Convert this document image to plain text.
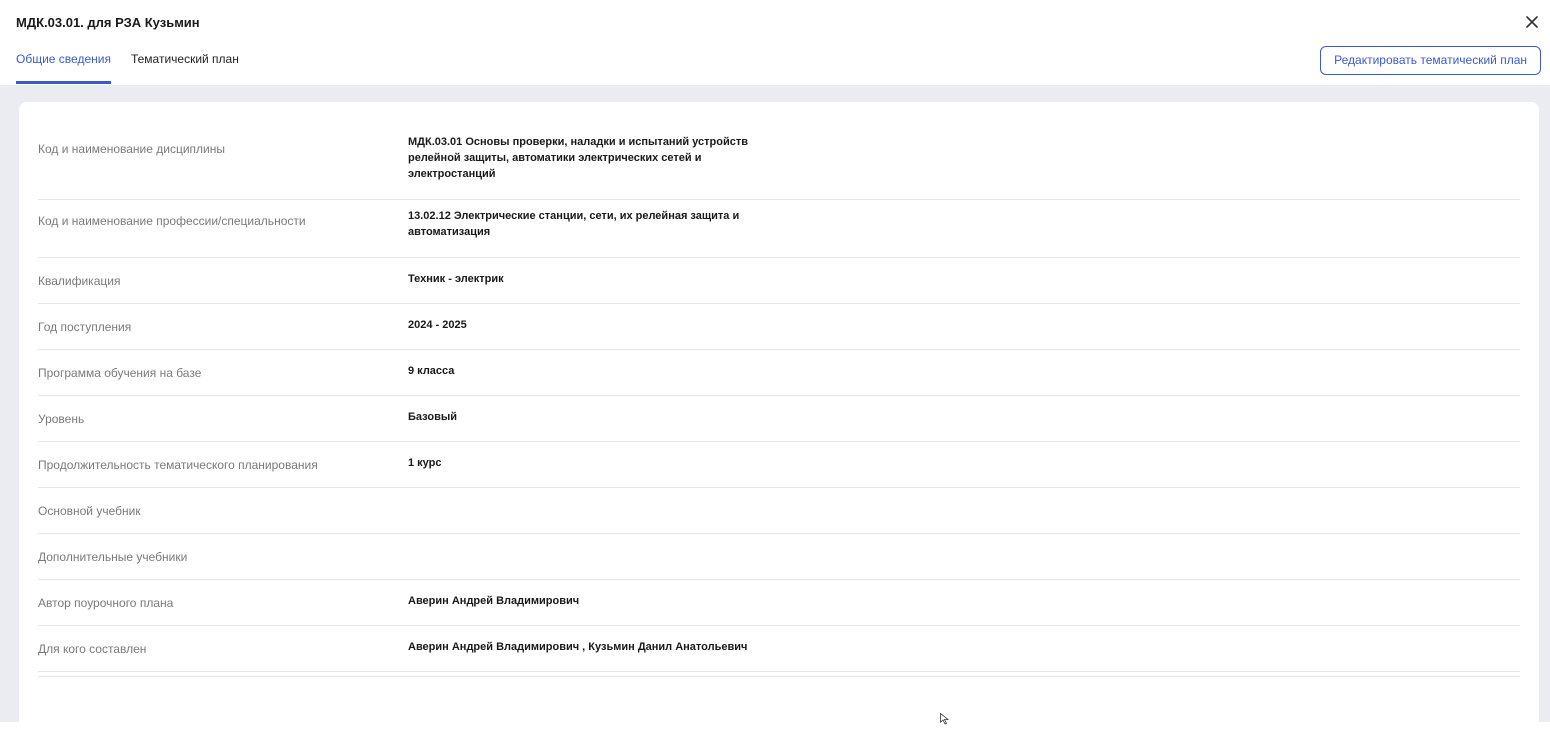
МДК.03.01. для РЗА Кузьмин
Общие сведения Тематический план	Редактировать тематический план
Код и наименование дисциплины	МДК.03.01 Основы проверки, наладки и испытаний устройств релейной защиты, автоматики электрических сетей и электростанций
Код и наименование профессии/специальности	13.02.12 Электрические станции, сети, их релейная защита и автоматизация
Квалификация	Техник - электрик
Год поступления	2024 - 2025
Программа обучения на базе	9 класса
Уровень	Базовый
Продолжительность тематического планирования	1 курс
Основной учебник
Дополнительные учебники
Автор поурочного плана	Аверин Андрей Владимирович
Для кого составлен	Аверин Андрей Владимирович , Кузьмин Данил Анатольевич
